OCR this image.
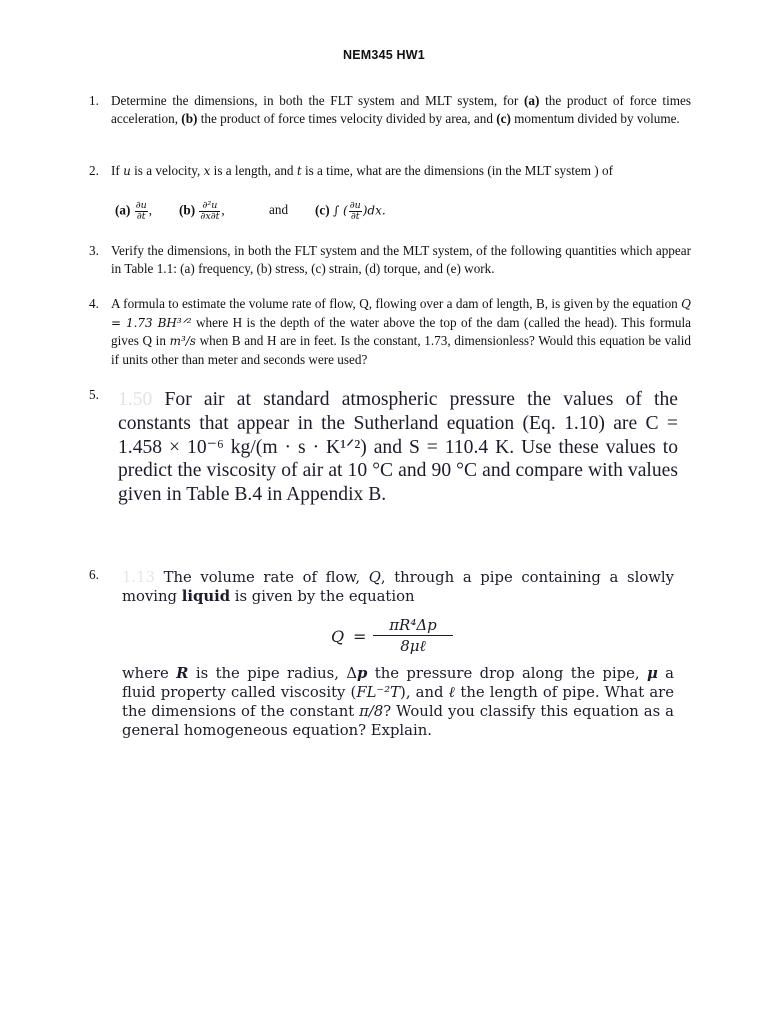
NEM345 HW1
1. Determine the dimensions, in both the FLT system and MLT system, for (a) the product of force times acceleration, (b) the product of force times velocity divided by area, and (c) momentum divided by volume.
2. If u is a velocity, x is a length, and t is a time, what are the dimensions (in the MLT system ) of
$(a) \frac{\partial u}{\partial t}$ , $(b) \frac{\text{∂²u}}{\partial x\partial t}$ ,	and (c) ∫ ( $\frac{\partial u}{\partial t} )dx$.
3. Verify the dimensions, in both the FLT system and the MLT system, of the following quantities which appear in Table 1.1: (a) frequency, (b) stress, (c) strain, (d) torque, and (e) work.
4. A formula to estimate the volume rate of flow, Q, flowing over a dam of length, B, is given by the equation Q = 1.73 BH³ᐟ² where H is the depth of the water above the top of the dam (called the head). This formula gives Q in m³/s when B and H are in feet. Is the constant, 1.73, dimensionless? Would this equation be valid if units other than meter and seconds were used?
5. 1.50 For air at standard atmospheric pressure the values of the constants that appear in the Sutherland equation (Eq. 1.10) are C = 1.458 × 10⁻⁶ kg/(m · s · K¹ᐟ²) and S = 110.4 K. Use these values to predict the viscosity of air at 10 °C and 90 °C and compare with values given in Table B.4 in Appendix B.
6. 1.13 The volume rate of flow, Q, through a pipe containing a slowly moving liquid is given by the equation
Q =
πR⁴Δp
8μℓ
where R is the pipe radius, Δp the pressure drop along the pipe, μ a fluid property called viscosity (FL⁻²T), and ℓ the length of pipe. What are the dimensions of the constant π/8? Would you classify this equation as a general homogeneous equation? Explain.
